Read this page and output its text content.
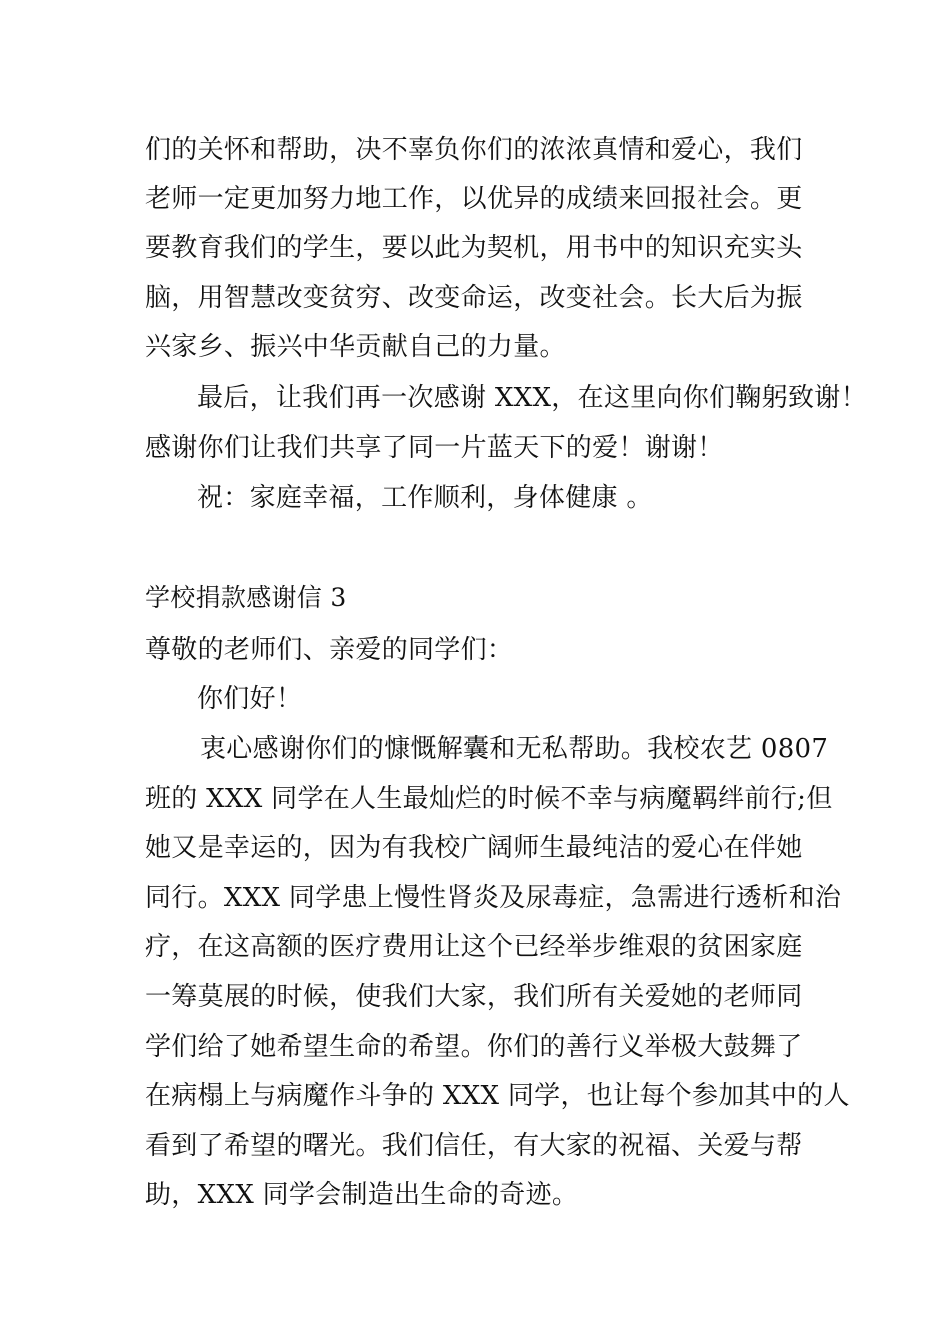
们的关怀和帮助，决不辜负你们的浓浓真情和爱心，我们
老师一定更加努力地工作，以优异的成绩来回报社会。更
要教育我们的学生，要以此为契机，用书中的知识充实头
脑，用智慧改变贫穷、改变命运，改变社会。长大后为振
兴家乡、振兴中华贡献自己的力量。
最后，让我们再一次感谢 XXX，在这里向你们鞠躬致谢！
感谢你们让我们共享了同一片蓝天下的爱！谢谢！
祝：家庭幸福，工作顺利，身体健康 。
学校捐款感谢信 3
尊敬的老师们、亲爱的同学们：
你们好！
衷心感谢你们的慷慨解囊和无私帮助。我校农艺 0807
班的 XXX 同学在人生最灿烂的时候不幸与病魔羁绊前行;但
她又是幸运的，因为有我校广阔师生最纯洁的爱心在伴她
同行。XXX 同学患上慢性肾炎及尿毒症，急需进行透析和治
疗，在这高额的医疗费用让这个已经举步维艰的贫困家庭
一筹莫展的时候，使我们大家，我们所有关爱她的老师同
学们给了她希望生命的希望。你们的善行义举极大鼓舞了
在病榻上与病魔作斗争的 XXX 同学，也让每个参加其中的人
看到了希望的曙光。我们信任，有大家的祝福、关爱与帮
助，XXX 同学会制造出生命的奇迹。
